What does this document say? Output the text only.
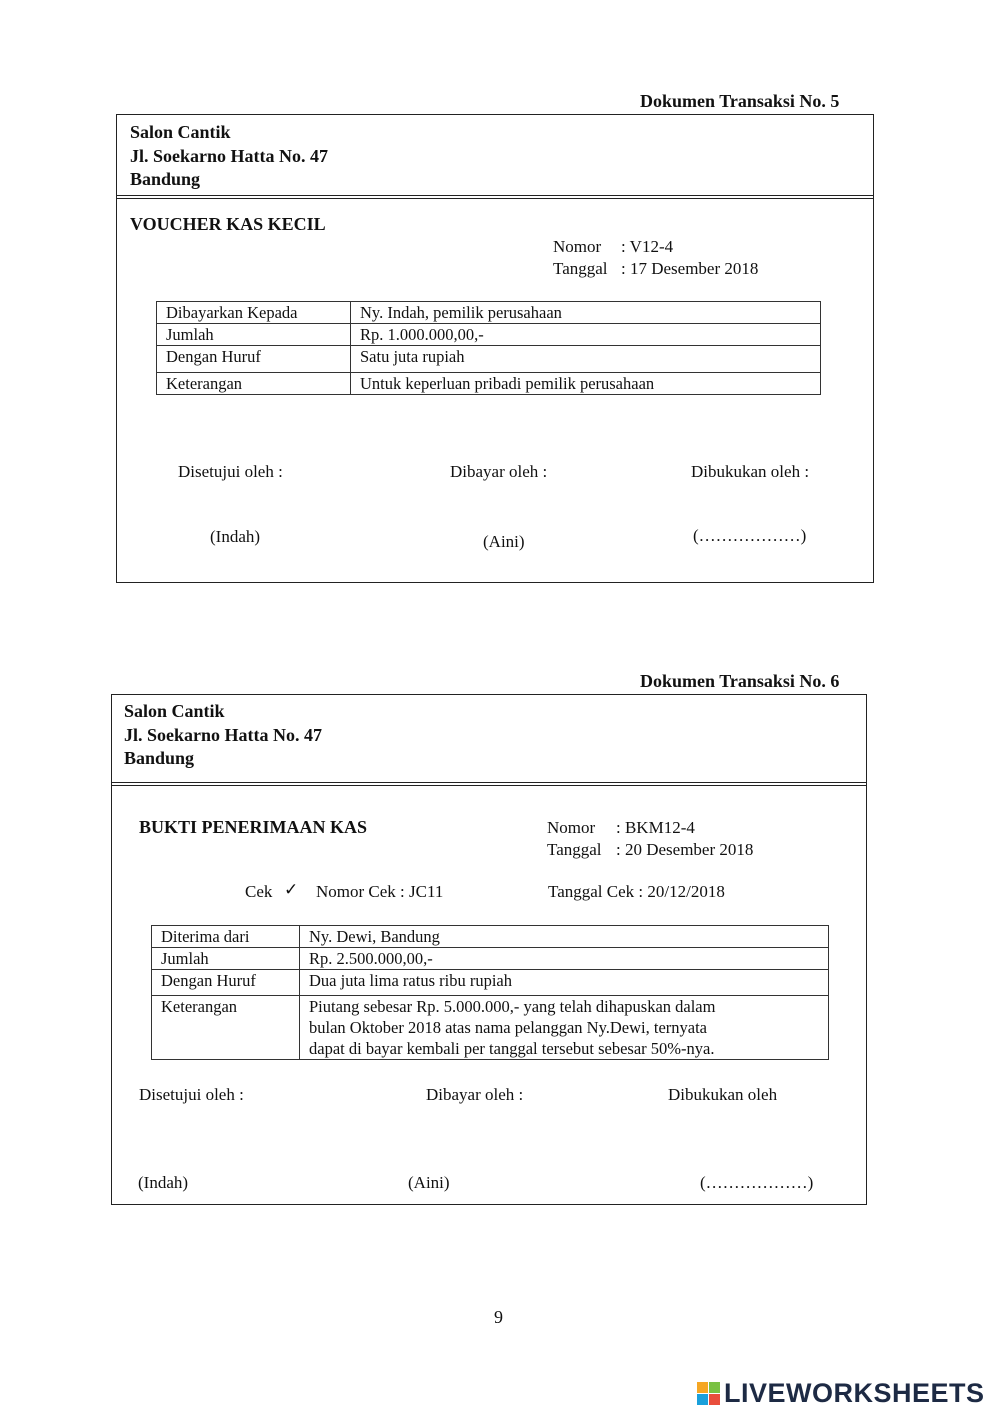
Dokumen Transaksi No. 5
Salon Cantik
Jl. Soekarno Hatta No. 47
Bandung
VOUCHER KAS KECIL
Nomor : V12-4
Tanggal : 17 Desember 2018
Dibayarkan Kepada	Ny. Indah, pemilik perusahaan
Jumlah	Rp. 1.000.000,00,-
Dengan Huruf	Satu juta rupiah
Keterangan	Untuk keperluan pribadi pemilik perusahaan
Disetujui oleh :	Dibayar oleh :	Dibukukan oleh :
(Indah)	(Aini)	(………………)
Dokumen Transaksi No. 6
Salon Cantik
Jl. Soekarno Hatta No. 47
Bandung
BUKTI PENERIMAAN KAS	Nomor : BKM12-4
Tanggal : 20 Desember 2018
Cek ✓ Nomor Cek : JC11	Tanggal Cek : 20/12/2018
Diterima dari	Ny. Dewi, Bandung
Jumlah	Rp. 2.500.000,00,-
Dengan Huruf	Dua juta lima ratus ribu rupiah
Keterangan	Piutang sebesar Rp. 5.000.000,- yang telah dihapuskan dalam
bulan Oktober 2018 atas nama pelanggan Ny.Dewi, ternyata
dapat di bayar kembali per tanggal tersebut sebesar 50%-nya.
Disetujui oleh :	Dibayar oleh :	Dibukukan oleh
(Indah)	(Aini)	(………………)
9
LIVEWORKSHEETS
